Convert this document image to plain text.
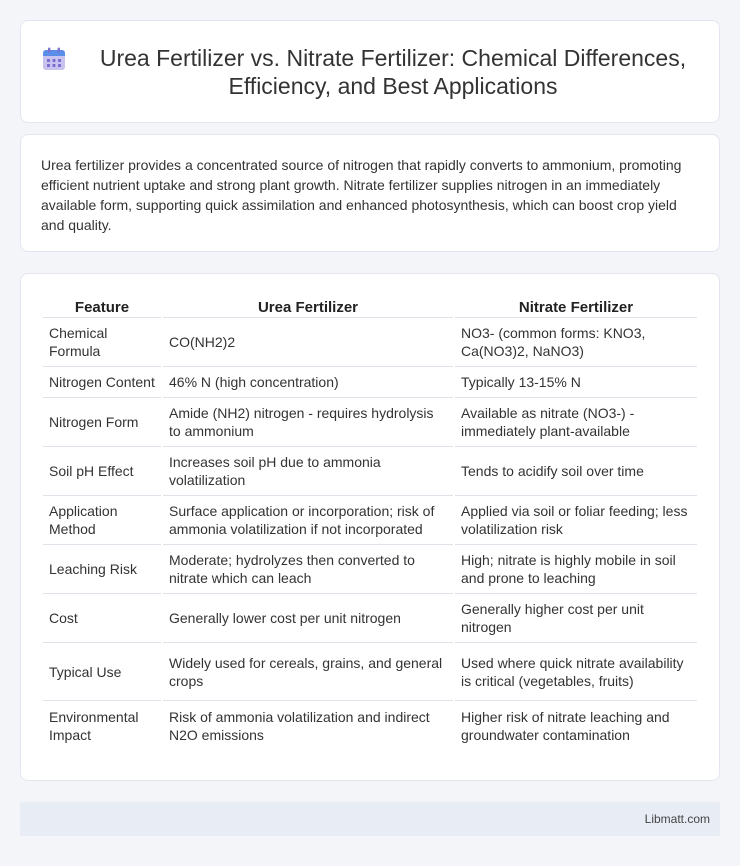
Urea Fertilizer vs. Nitrate Fertilizer: Chemical Differences, Efficiency, and Best Applications

Urea fertilizer provides a concentrated source of nitrogen that rapidly converts to ammonium, promoting efficient nutrient uptake and strong plant growth. Nitrate fertilizer supplies nitrogen in an immediately available form, supporting quick assimilation and enhanced photosynthesis, which can boost crop yield and quality.

Feature	Urea Fertilizer	Nitrate Fertilizer
Chemical Formula	CO(NH2)2	NO3- (common forms: KNO3, Ca(NO3)2, NaNO3)
Nitrogen Content	46% N (high concentration)	Typically 13-15% N
Nitrogen Form	Amide (NH2) nitrogen - requires hydrolysis to ammonium	Available as nitrate (NO3-) - immediately plant-available
Soil pH Effect	Increases soil pH due to ammonia volatilization	Tends to acidify soil over time
Application Method	Surface application or incorporation; risk of ammonia volatilization if not incorporated	Applied via soil or foliar feeding; less volatilization risk
Leaching Risk	Moderate; hydrolyzes then converted to nitrate which can leach	High; nitrate is highly mobile in soil and prone to leaching
Cost	Generally lower cost per unit nitrogen	Generally higher cost per unit nitrogen
Typical Use	Widely used for cereals, grains, and general crops	Used where quick nitrate availability is critical (vegetables, fruits)
Environmental Impact	Risk of ammonia volatilization and indirect N2O emissions	Higher risk of nitrate leaching and groundwater contamination
Libmatt.com
